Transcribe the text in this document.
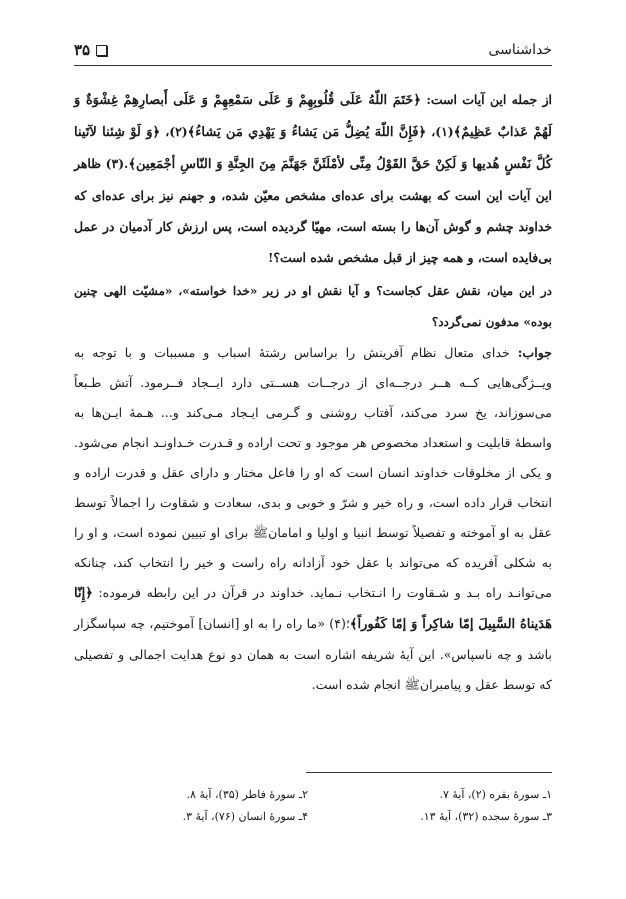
خداشناسی
۳۵

از جمله این آیات است: ﴿خَتَمَ اللّهُ عَلَى قُلُوبِهِمْ وَ عَلَى سَمْعِهِمْ وَ عَلَى أَبصارِهِمْ غِشْوَةٌ وَ لَهُمْ عَذابٌ عَظِيمٌ﴾(۱)، ﴿فَإِنَّ اللّهَ يُضِلُّ مَن يَشاءُ وَ يَهْدِي مَن يَشاءُ﴾(۲)، ﴿وَ لَوْ شِئنا لآتَينا كُلَّ نَفْسٍ هُديها وَ لَكِنْ حَقَّ القَوْلُ مِنِّى لأمْلَئَنَّ جَهَنَّمَ مِنَ الجِنَّةِ وَ النّاسِ أجْمَعِين﴾.(۳) ظاهر این آیات این است که بهشت برای عده‌ای مشخص معیّن شده، و جهنم نیز برای عده‌ای که خداوند چشم و گوش آن‌ها را بسته است، مهیّا گردیده است، پس ارزش کار آدمیان در عمل بی‌فایده است، و همه چیز از قبل مشخص شده است؟!

در این میان، نقش عقل کجاست؟ و آیا نقش او در زیر «خدا خواسته»، «مشیّت الهی چنین بوده» مدفون نمی‌گردد؟

جواب: خدای متعال نظام آفرینش را براساس رشتهٔ اسباب و مسببات و با توجه به ویــژگی‌هایی کــه هــر درجــه‌ای از درجــات هســتی دارد ایــجاد فــرمود. آتش طـبعاً می‌سوزاند، یخ سرد می‌کند، آفتاب روشنی و گـرمی ایـجاد مـی‌کند و... هـمهٔ ایـن‌ها به واسطهٔ قابلیت و استعداد مخصوص هر موجود و تحت اراده و قـدرت خـداونـد انجام می‌شود. و یکی از مخلوقات خداوند انسان است که او را فاعل مختار و دارای عقل و قدرت اراده و انتخاب قرار داده است، و راه خیر و شرّ و خوبی و بدی، سعادت و شقاوت را اجمالاً توسط عقل به او آموخته و تفصیلاً توسط انبیا و اولیا و امامانﷺ برای او تبیین نموده است، و او را به شکلی آفریده که می‌تواند با عقل خود آزادانه راه راست و خیر را انتخاب کند، چنانکه می‌توانـد راه بـد و شـقاوت را انـتخاب نـماید. خداوند در قرآن در این رابطه فرموده: ﴿إِنّا هَدَيناهُ السَّبِيلَ إمّا شاكِراً وَ إمّا كَفُوراً﴾؛(۴) «ما راه را به او [انسان] آموختیم، چه سپاسگزار باشد و چه ناسپاس». این آیهٔ شریفه اشاره است به همان دو نوع هدایت اجمالی و تفصیلی که توسط عقل و پیامبرانﷺ انجام شده است.

۱ـ سورهٔ بقره (۲)، آیهٔ ۷.
۲ـ سورهٔ فاطر (۳۵)، آیهٔ ۸.
۳ـ سورهٔ سجده (۳۲)، آیهٔ ۱۳.
۴ـ سورهٔ انسان (۷۶)، آیهٔ ۳.
